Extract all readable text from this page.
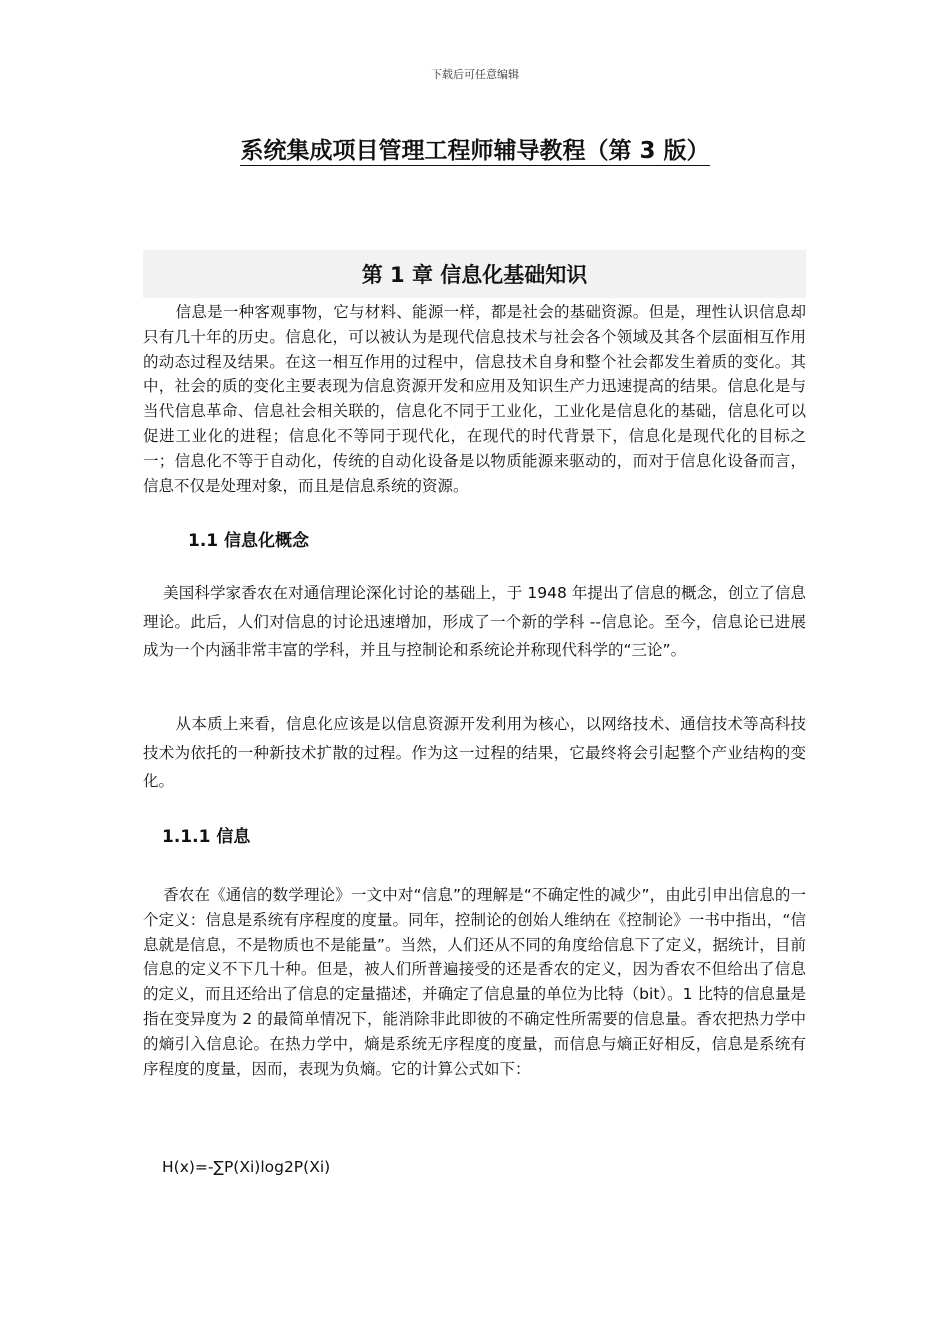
下载后可任意编辑
系统集成项目管理工程师辅导教程（第 3 版）
第 1 章 信息化基础知识

信息是一种客观事物，它与材料、能源一样，都是社会的基础资源。但是，理性认识信息却只有几十年的历史。信息化，可以被认为是现代信息技术与社会各个领域及其各个层面相互作用的动态过程及结果。在这一相互作用的过程中，信息技术自身和整个社会都发生着质的变化。其中，社会的质的变化主要表现为信息资源开发和应用及知识生产力迅速提高的结果。信息化是与当代信息革命、信息社会相关联的，信息化不同于工业化，工业化是信息化的基础，信息化可以促进工业化的进程；信息化不等同于现代化，在现代的时代背景下，信息化是现代化的目标之一；信息化不等于自动化，传统的自动化设备是以物质能源来驱动的，而对于信息化设备而言，信息不仅是处理对象，而且是信息系统的资源。

1.1 信息化概念

美国科学家香农在对通信理论深化讨论的基础上，于 1948 年提出了信息的概念，创立了信息理论。此后，人们对信息的讨论迅速增加，形成了一个新的学科 --信息论。至今，信息论已进展成为一个内涵非常丰富的学科，并且与控制论和系统论并称现代科学的“三论”。

从本质上来看，信息化应该是以信息资源开发利用为核心，以网络技术、通信技术等高科技技术为依托的一种新技术扩散的过程。作为这一过程的结果，它最终将会引起整个产业结构的变化。

1.1.1 信息

香农在《通信的数学理论》一文中对“信息”的理解是“不确定性的减少”，由此引申出信息的一个定义：信息是系统有序程度的度量。同年，控制论的创始人维纳在《控制论》一书中指出，“信息就是信息，不是物质也不是能量”。当然，人们还从不同的角度给信息下了定义，据统计，目前信息的定义不下几十种。但是，被人们所普遍接受的还是香农的定义，因为香农不但给出了信息的定义，而且还给出了信息的定量描述，并确定了信息量的单位为比特（bit）。1 比特的信息量是指在变异度为 2 的最简单情况下，能消除非此即彼的不确定性所需要的信息量。香农把热力学中的熵引入信息论。在热力学中，熵是系统无序程度的度量，而信息与熵正好相反，信息是系统有序程度的度量，因而，表现为负熵。它的计算公式如下：

H(x)=-∑P(Xi)log2P(Xi)
